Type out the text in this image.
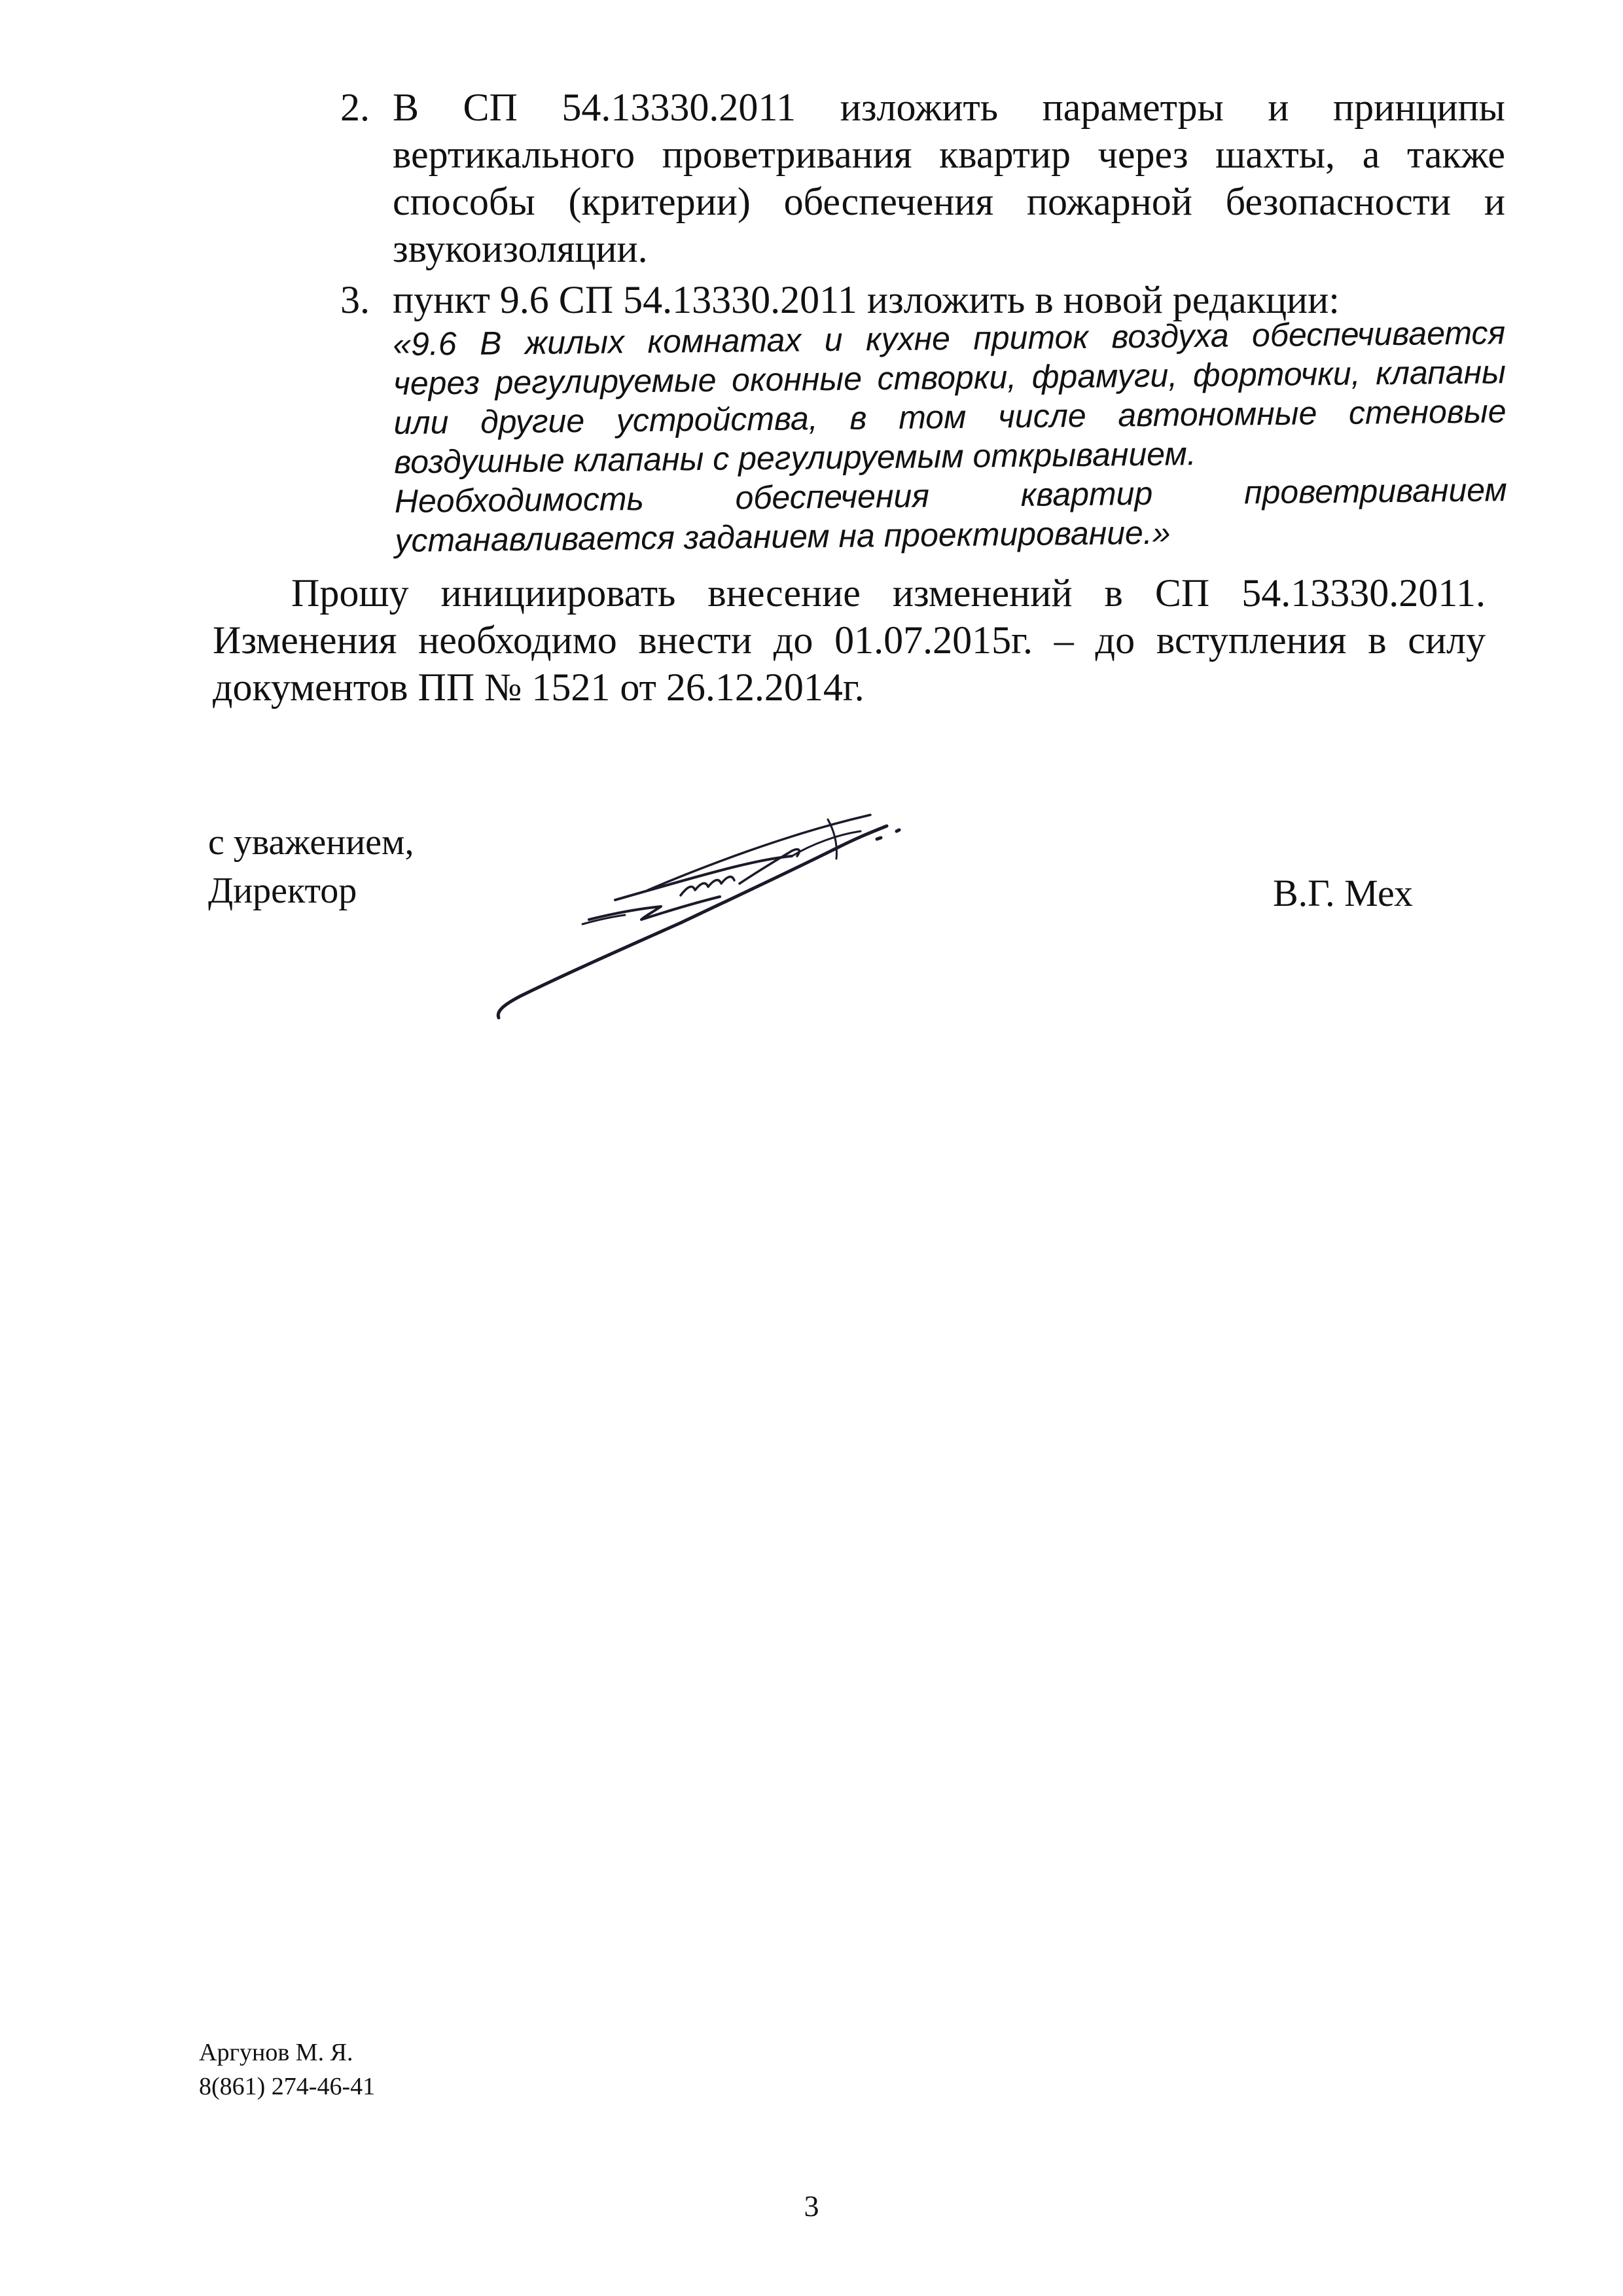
2. В СП 54.13330.2011 изложить параметры и принципы
вертикального проветривания квартир через шахты, а также
способы (критерии) обеспечения пожарной безопасности и
звукоизоляции.
3. пункт 9.6 СП 54.13330.2011 изложить в новой редакции:
«9.6 В жилых комнатах и кухне приток воздуха обеспечивается
через регулируемые оконные створки, фрамуги, форточки, клапаны
или другие устройства, в том числе автономные стеновые
воздушные клапаны с регулируемым открыванием.
Необходимость обеспечения квартир проветриванием
устанавливается заданием на проектирование.»
Прошу инициировать внесение изменений в СП 54.13330.2011.
Изменения необходимо внести до 01.07.2015г. – до вступления в силу
документов ПП № 1521 от 26.12.2014г.
с уважением,
Директор	В.Г. Мех
Аргунов М. Я.
8(861) 274-46-41
3
